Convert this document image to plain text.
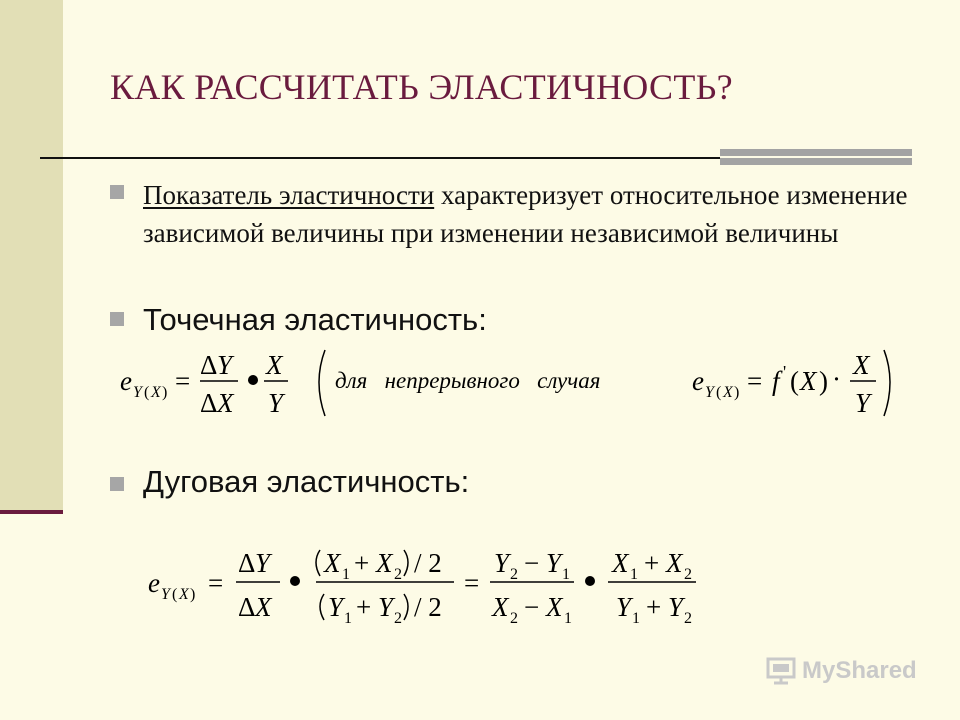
КАК РАССЧИТАТЬ ЭЛАСТИЧНОСТЬ?

Показатель эластичности характеризует относительное изменение зависимой величины при изменении независимой величины

Точечная эластичность:

e Y ( X ) =
Δ Y
Δ X
X
Y
для   непрерывного   случая	e Y ( X ) = f ' ( X ) · X
Y

Дуговая эластичность:

e Y ( X ) =
Δ Y
Δ X
X 1 + X 2 / 2
Y 1 + Y 2 / 2
=
Y 2 − Y 1
X 2 − X 1
X 1 + X 2
Y 1 + Y 2
MyShared
